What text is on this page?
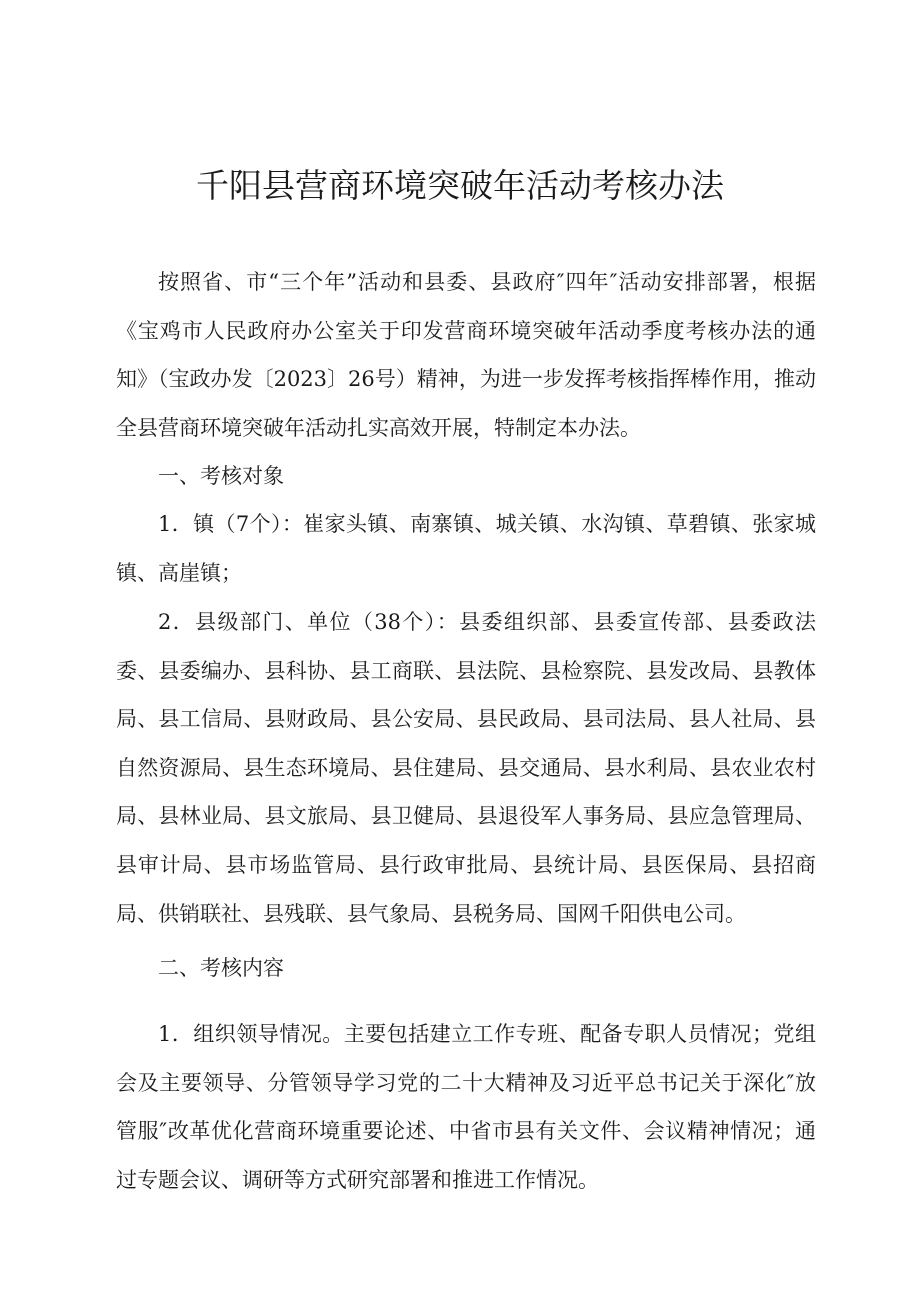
千阳县营商环境突破年活动考核办法

按照省、市“三个年”活动和县委、县政府″四年″活动安排部署，根据《宝鸡市人民政府办公室关于印发营商环境突破年活动季度考核办法的通知》（宝政办发〔2023〕26号）精神，为进一步发挥考核指挥棒作用，推动全县营商环境突破年活动扎实高效开展，特制定本办法。

一、考核对象

1．镇（7个）：崔家头镇、南寨镇、城关镇、水沟镇、草碧镇、张家城镇、高崖镇；

2．县级部门、单位（38个）：县委组织部、县委宣传部、县委政法委、县委编办、县科协、县工商联、县法院、县检察院、县发改局、县教体局、县工信局、县财政局、县公安局、县民政局、县司法局、县人社局、县自然资源局、县生态环境局、县住建局、县交通局、县水利局、县农业农村局、县林业局、县文旅局、县卫健局、县退役军人事务局、县应急管理局、县审计局、县市场监管局、县行政审批局、县统计局、县医保局、县招商局、供销联社、县残联、县气象局、县税务局、国网千阳供电公司。

二、考核内容

1．组织领导情况。主要包括建立工作专班、配备专职人员情况；党组会及主要领导、分管领导学习党的二十大精神及习近平总书记关于深化″放管服″改革优化营商环境重要论述、中省市县有关文件、会议精神情况；通过专题会议、调研等方式研究部署和推进工作情况。
